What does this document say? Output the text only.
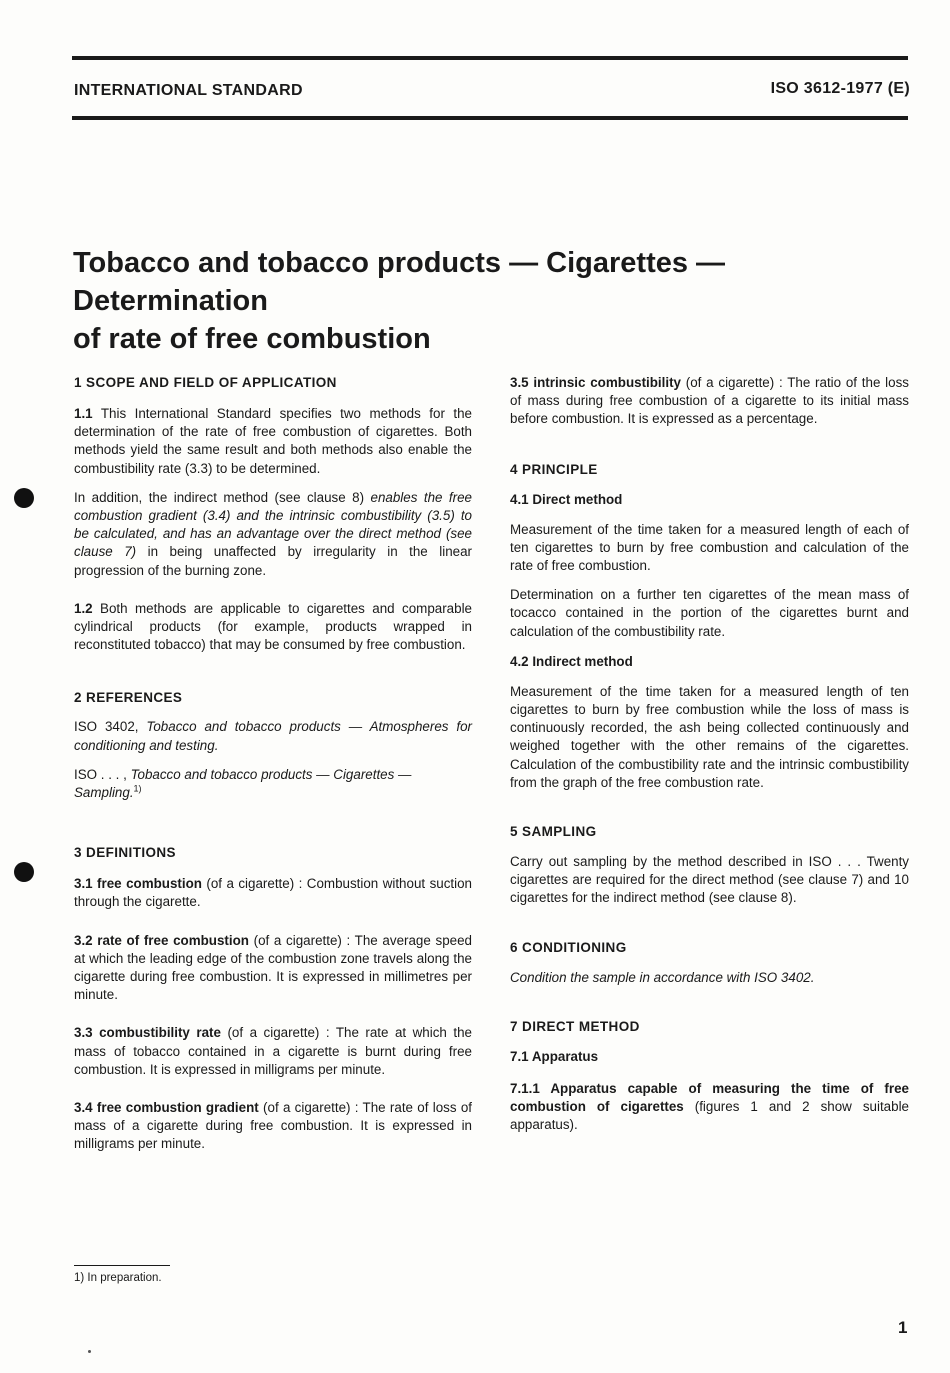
INTERNATIONAL STANDARD	ISO 3612-1977 (E)
Tobacco and tobacco products — Cigarettes — Determination
of rate of free combustion
1 SCOPE AND FIELD OF APPLICATION

1.1 This International Standard specifies two methods for the determination of the rate of free combustion of cigarettes. Both methods yield the same result and both methods also enable the combustibility rate (3.3) to be determined.

In addition, the indirect method (see clause 8) enables the free combustion gradient (3.4) and the intrinsic combustibility (3.5) to be calculated, and has an advantage over the direct method (see clause 7) in being unaffected by irregularity in the linear progression of the burning zone.

1.2 Both methods are applicable to cigarettes and comparable cylindrical products (for example, products wrapped in reconstituted tobacco) that may be consumed by free combustion.

2 REFERENCES

ISO 3402, Tobacco and tobacco products — Atmospheres for conditioning and testing.

ISO . . . , Tobacco and tobacco products — Cigarettes — Sampling.$^{1)}$

3 DEFINITIONS

3.1 free combustion (of a cigarette) : Combustion without suction through the cigarette.

3.2 rate of free combustion (of a cigarette) : The average speed at which the leading edge of the combustion zone travels along the cigarette during free combustion. It is expressed in millimetres per minute.

3.3 combustibility rate (of a cigarette) : The rate at which the mass of tobacco contained in a cigarette is burnt during free combustion. It is expressed in milligrams per minute.

3.4 free combustion gradient (of a cigarette) : The rate of loss of mass of a cigarette during free combustion. It is expressed in milligrams per minute.

3.5 intrinsic combustibility (of a cigarette) : The ratio of the loss of mass during free combustion of a cigarette to its initial mass before combustion. It is expressed as a percentage.

4 PRINCIPLE
4.1 Direct method

Measurement of the time taken for a measured length of each of ten cigarettes to burn by free combustion and calculation of the rate of free combustion.

Determination on a further ten cigarettes of the mean mass of tocacco contained in the portion of the cigarettes burnt and calculation of the combustibility rate.

4.2 Indirect method

Measurement of the time taken for a measured length of ten cigarettes to burn by free combustion while the loss of mass is continuously recorded, the ash being collected continuously and weighed together with the other remains of the cigarettes. Calculation of the combustibility rate and the intrinsic combustibility from the graph of the free combustion rate.

5 SAMPLING

Carry out sampling by the method described in ISO . . . Twenty cigarettes are required for the direct method (see clause 7) and 10 cigarettes for the indirect method (see clause 8).

6 CONDITIONING

Condition the sample in accordance with ISO 3402.

7 DIRECT METHOD
7.1 Apparatus

7.1.1 Apparatus capable of measuring the time of free combustion of cigarettes (figures 1 and 2 show suitable apparatus).

1) In preparation.
1
